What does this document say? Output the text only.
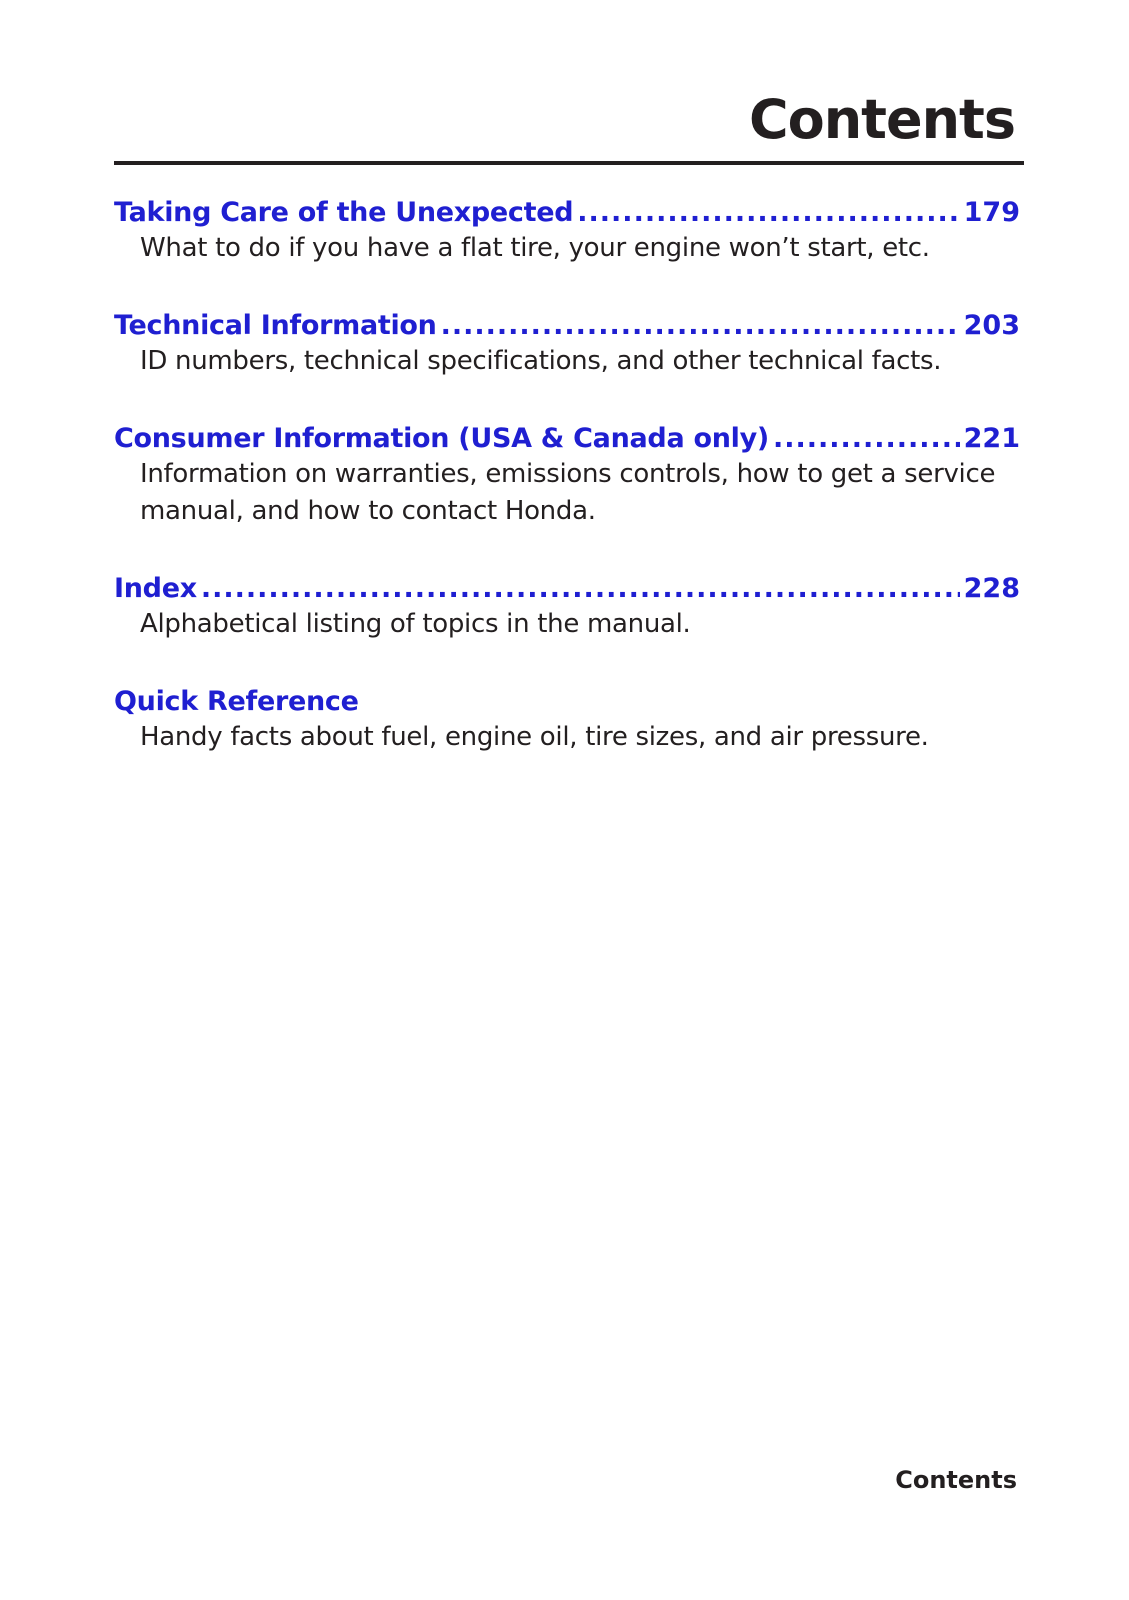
Contents
Taking Care of the Unexpected .....	179
What to do if you have a flat tire, your engine won’t start, etc.
Technical Information .....	203
ID numbers, technical specifications, and other technical facts.
Consumer Information (USA & Canada only) .....	221
Information on warranties, emissions controls, how to get a service manual, and how to contact Honda.
Index .....	228
Alphabetical listing of topics in the manual.
Quick Reference
Handy facts about fuel, engine oil, tire sizes, and air pressure.
Contents
